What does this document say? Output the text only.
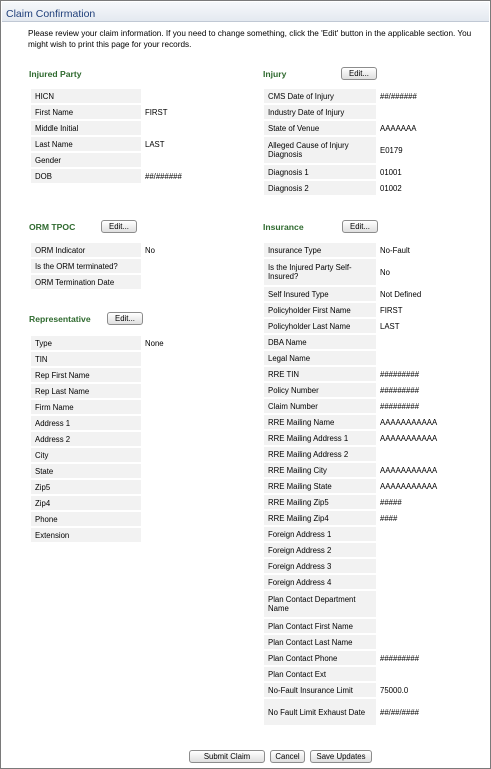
Claim Confirmation
Please review your claim information. If you need to change something, click the 'Edit' button in the applicable section. You might wish to print this page for your records.
Injured Party
HICN	
First Name	FIRST
Middle Initial	
Last Name	LAST
Gender	
DOB	##/######
ORM TPOC	Edit...
ORM Indicator	No
Is the ORM terminated?	
ORM Termination Date	
Representative	Edit...
Type	None
TIN	
Rep First Name	
Rep Last Name	
Firm Name	
Address 1	
Address 2	
City	
State	
Zip5	
Zip4	
Phone	
Extension	
Injury	Edit...
CMS Date of Injury	##/######
Industry Date of Injury	
State of Venue	AAAAAAA
Alleged Cause of Injury Diagnosis	E0179
Diagnosis 1	01001
Diagnosis 2	01002
Insurance	Edit...
Insurance Type	No-Fault
Is the Injured Party Self-Insured?	No
Self Insured Type	Not Defined
Policyholder First Name	FIRST
Policyholder Last Name	LAST
DBA Name	
Legal Name	
RRE TIN	#########
Policy Number	#########
Claim Number	#########
RRE Mailing Name	AAAAAAAAAAA
RRE Mailing Address 1	AAAAAAAAAAA
RRE Mailing Address 2	
RRE Mailing City	AAAAAAAAAAA
RRE Mailing State	AAAAAAAAAAA
RRE Mailing Zip5	#####
RRE Mailing Zip4	####
Foreign Address 1	
Foreign Address 2	
Foreign Address 3	
Foreign Address 4	
Plan Contact Department Name	
Plan Contact First Name	
Plan Contact Last Name	
Plan Contact Phone	#########
Plan Contact Ext	
No-Fault Insurance Limit	75000.0
No Fault Limit Exhaust Date	##/##/####
Submit Claim	Cancel	Save Updates
